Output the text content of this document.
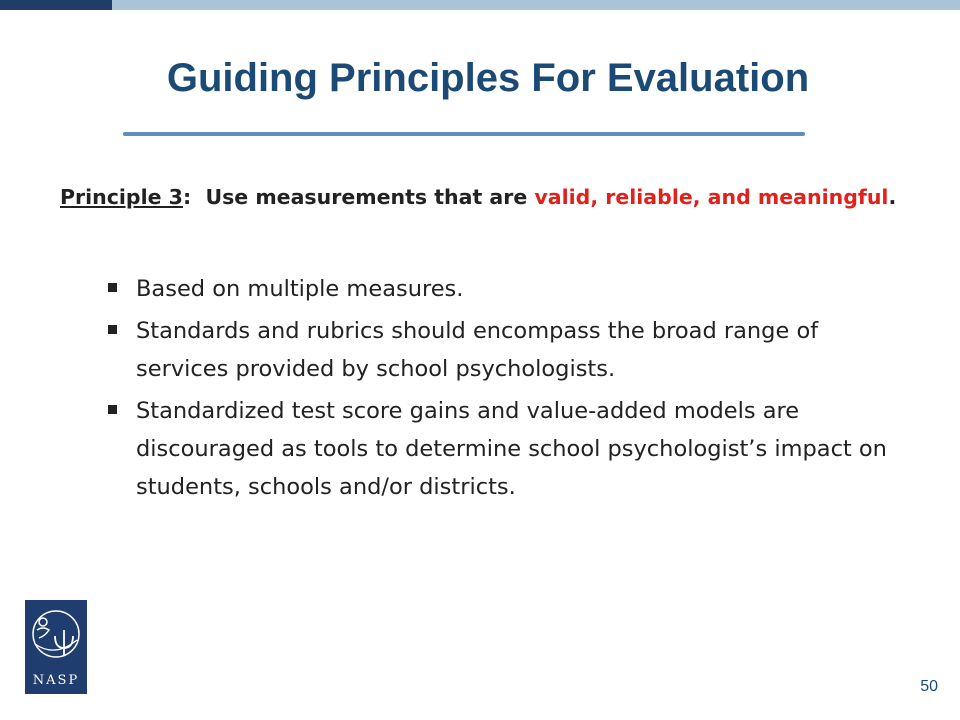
Guiding Principles For Evaluation

Principle 3: Use measurements that are valid, reliable, and meaningful.

Based on multiple measures.
Standards and rubrics should encompass the broad range of services provided by school psychologists.
Standardized test score gains and value-added models are discouraged as tools to determine school psychologist’s impact on students, schools and/or districts.
NASP	50
